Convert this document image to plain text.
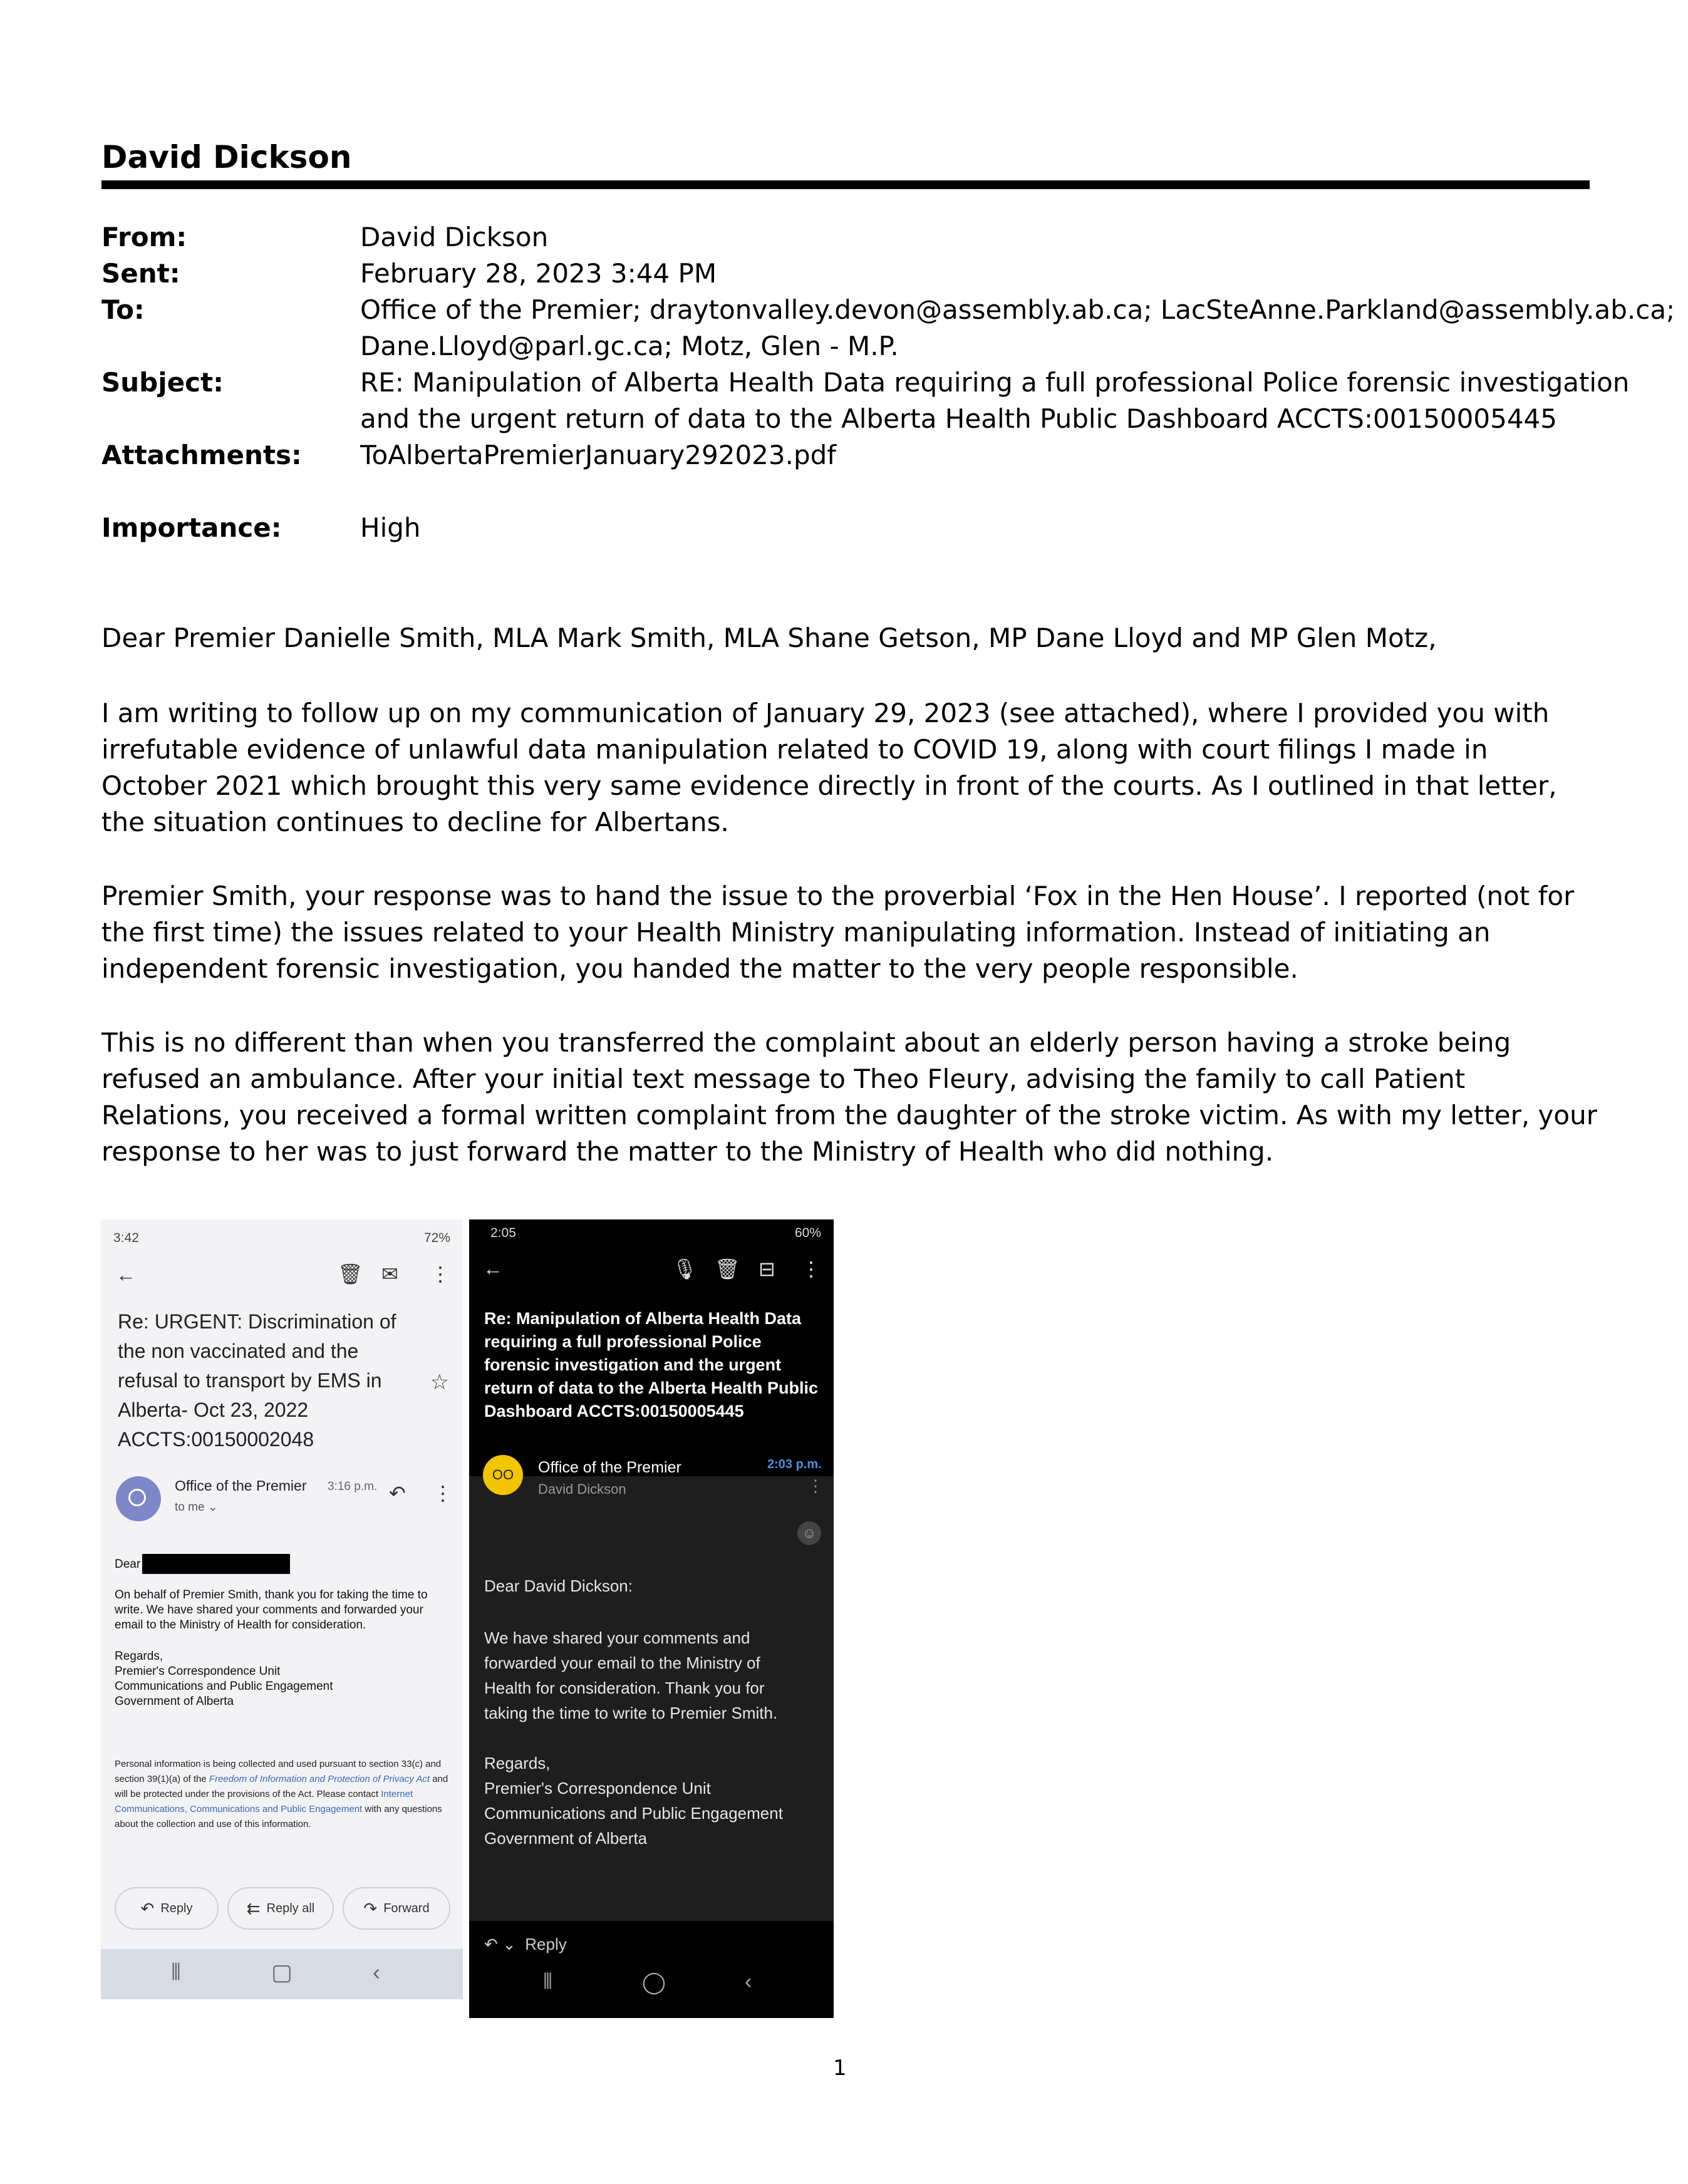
David Dickson
From:	David Dickson
Sent:	February 28, 2023 3:44 PM
To:	Office of the Premier; draytonvalley.devon@assembly.ab.ca; LacSteAnne.Parkland@assembly.ab.ca;
Dane.Lloyd@parl.gc.ca; Motz, Glen - M.P.
Subject:	RE: Manipulation of Alberta Health Data requiring a full professional Police forensic investigation
and the urgent return of data to the Alberta Health Public Dashboard ACCTS:00150005445
Attachments: ToAlbertaPremierJanuary292023.pdf
Importance:	High
Dear Premier Danielle Smith, MLA Mark Smith, MLA Shane Getson, MP Dane Lloyd and MP Glen Motz,
I am writing to follow up on my communication of January 29, 2023 (see attached), where I provided you with irrefutable evidence of unlawful data manipulation related to COVID 19, along with court filings I made in October 2021 which brought this very same evidence directly in front of the courts. As I outlined in that letter, the situation continues to decline for Albertans.
Premier Smith, your response was to hand the issue to the proverbial ‘Fox in the Hen House’. I reported (not for the first time) the issues related to your Health Ministry manipulating information. Instead of initiating an independent forensic investigation, you handed the matter to the very people responsible.
This is no different than when you transferred the complaint about an elderly person having a stroke being refused an ambulance. After your initial text message to Theo Fleury, advising the family to call Patient Relations, you received a formal written complaint from the daughter of the stroke victim. As with my letter, your response to her was to just forward the matter to the Ministry of Health who did nothing.
3:42	72%
←	🗑 ✉ ⋮
Re: URGENT: Discrimination of the non vaccinated and the refusal to transport by EMS in Alberta- Oct 23, 2022 ACCTS:00150002048
☆
Office of the Premier 3:16 p.m.
to me ⌄
↶ ⋮
Dear
On behalf of Premier Smith, thank you for taking the time to write. We have shared your comments and forwarded your email to the Ministry of Health for consideration.
Regards,
Premier's Correspondence Unit
Communications and Public Engagement
Government of Alberta
Personal information is being collected and used pursuant to section 33(c) and section 39(1)(a) of the Freedom of Information and Protection of Privacy Act and will be protected under the provisions of the Act. Please contact Internet Communications, Communications and Public Engagement with any questions about the collection and use of this information.
↶ Reply	⇇ Reply all	↷ Forward
⦀	▢	‹
2:05	60%
←	🎙 🗑 ⊟ ⋮
Re: Manipulation of Alberta Health Data requiring a full professional Police forensic investigation and the urgent return of data to the Alberta Health Public Dashboard ACCTS:00150005445
OO	Office of the Premier
David Dickson
2:03 p.m.
⋮
☺
Dear David Dickson:
We have shared your comments and forwarded your email to the Ministry of Health for consideration. Thank you for taking the time to write to Premier Smith.
Regards,
Premier's Correspondence Unit
Communications and Public Engagement
Government of Alberta
↶ ⌄ Reply
⦀	◯	‹
1
